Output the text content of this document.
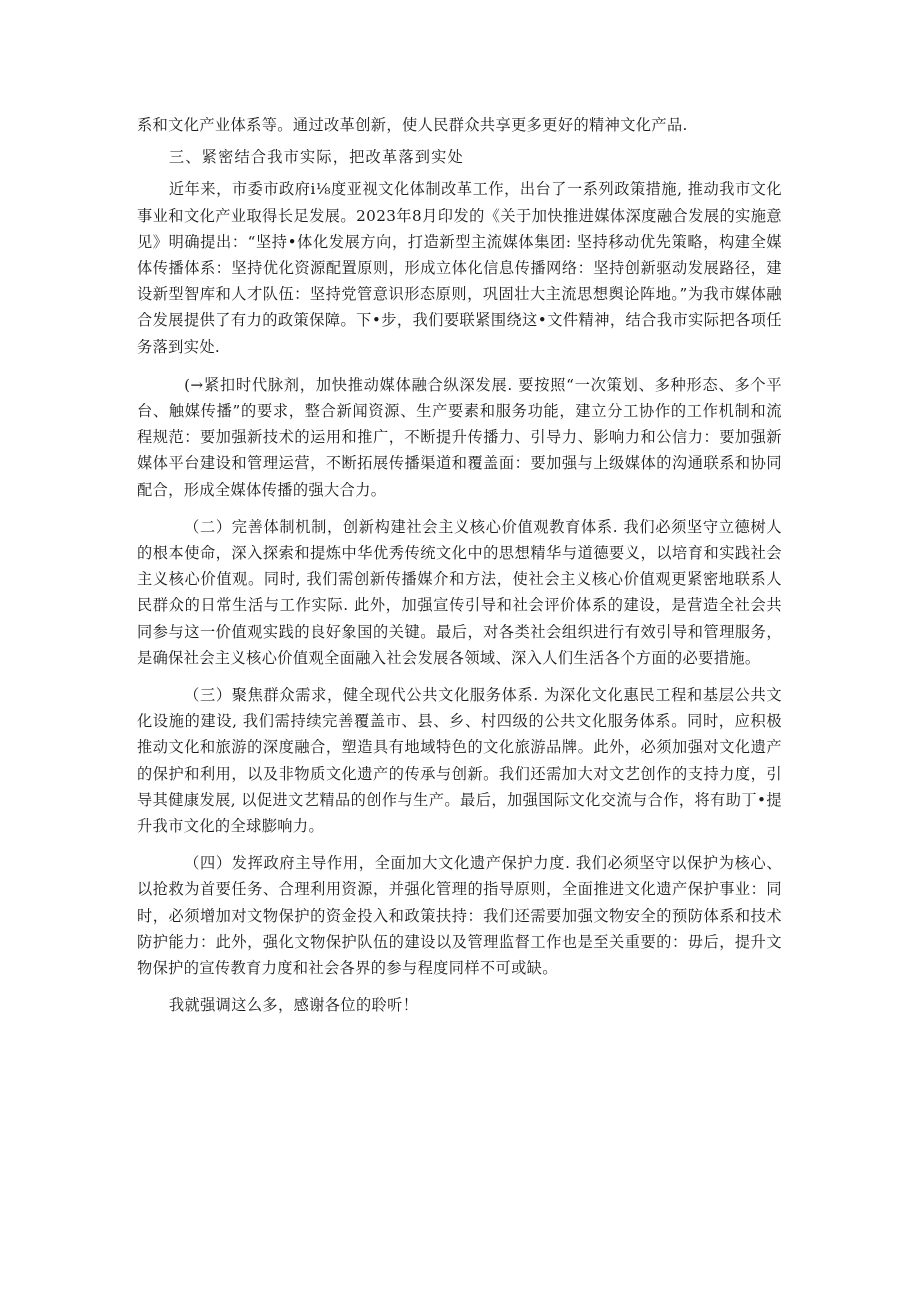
系和文化产业体系等。通过改革创新，使人民群众共享更多更好的精神文化产品.

三、紧密结合我市实际，把改革落到实处

近年来，市委市政府i⅛度亚视文化体制改革工作，出台了一系列政策措施, 推动我市文化事业和文化产业取得长足发展。2023年8月印发的《关于加快推进媒体深度融合发展的实施意见》明确提出：“坚持•体化发展方向，打造新型主流媒体集团: 坚持移动优先策略，构建全媒体传播体系：坚持优化资源配置原则，形成立体化信息传播网络：坚持创新驱动发展路径，建设新型智库和人才队伍：坚持党管意识形态原则，巩固壮大主流思想舆论阵地。”为我市媒体融合发展提供了有力的政策保障。下•步，我们要联紧围绕这•文件精神，结合我市实际把各项任务落到实处.

(→紧扣时代脉剂，加快推动媒体融合纵深发展. 要按照“一次策划、多种形态、多个平台、触媒传播”的要求，整合新闻资源、生产要素和服务功能，建立分工协作的工作机制和流程规范：要加强新技术的运用和推广，不断提升传播力、引导力、影响力和公信力：要加强新媒体平台建设和管理运营，不断拓展传播渠道和覆盖面：要加强与上级媒体的沟通联系和协同配合，形成全媒体传播的强大合力。

（二）完善体制机制，创新构建社会主义核心价值观教育体系. 我们必须坚守立德树人的根本使命，深入探索和提炼中华优秀传统文化中的思想精华与道德要义，以培育和实践社会主义核心价值观。同时, 我们需创新传播媒介和方法，使社会主义核心价值观更紧密地联系人民群众的日常生活与工作实际. 此外，加强宣传引导和社会评价体系的建设，是营造全社会共同参与这一价值观实践的良好象国的关键。最后，对各类社会组织进行有效引导和管理服务，是确保社会主义核心价值观全面融入社会发展各领域、深入人们生活各个方面的必要措施。

（三）聚焦群众需求，健全现代公共文化服务体系. 为深化文化惠民工程和基层公共文化设施的建设, 我们需持续完善覆盖市、县、乡、村四级的公共文化服务体系。同时，应积极推动文化和旅游的深度融合，塑造具有地域特色的文化旅游品牌。此外，必须加强对文化遗产的保护和利用，以及非物质文化遗产的传承与创新。我们还需加大对文艺创作的支持力度，引导其健康发展, 以促进文艺精品的创作与生产。最后，加强国际文化交流与合作，将有助丁•提升我市文化的全球膨响力。

（四）发挥政府主导作用，全面加大文化遗产保护力度. 我们必须坚守以保护为核心、以抢救为首要任务、合理利用资源，并强化管理的指导原则，全面推进文化遗产保护事业：同时，必须增加对文物保护的资金投入和政策扶持：我们还需要加强文物安全的预防体系和技术防护能力：此外，强化文物保护队伍的建设以及管理监督工作也是至关重要的：毋后，提升文物保护的宣传教育力度和社会各界的参与程度同样不可或缺。

我就强调这么多，感谢各位的聆听！
